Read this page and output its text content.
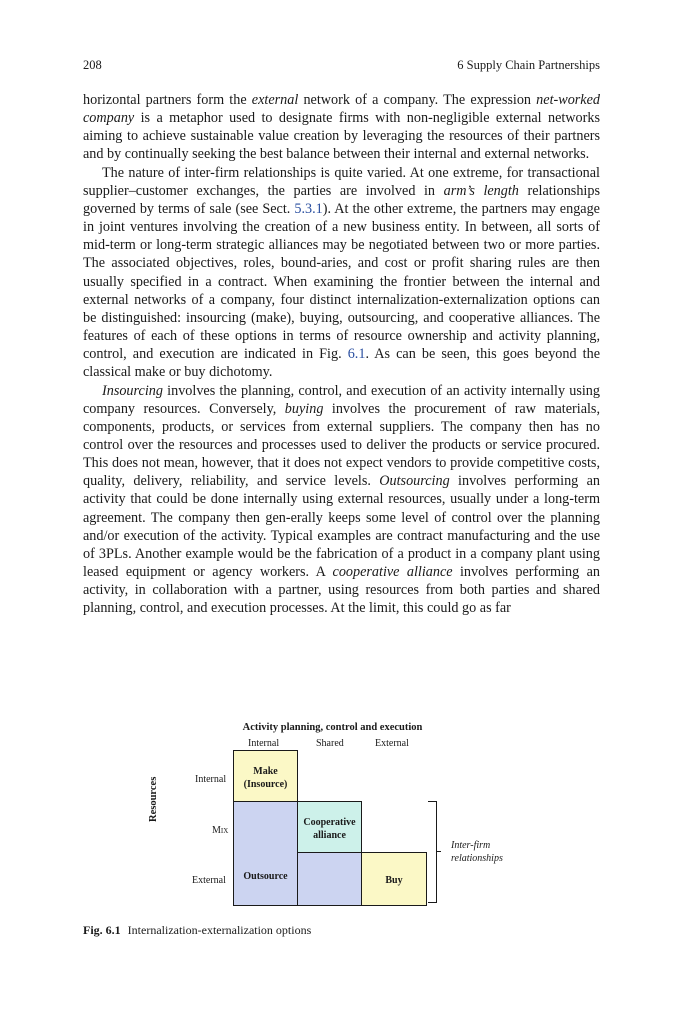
208	6 Supply Chain Partnerships

horizontal partners form the external network of a company. The expression net-worked company is a metaphor used to designate firms with non-negligible external networks aiming to achieve sustainable value creation by leveraging the resources of their partners and by continually seeking the best balance between their internal and external networks.

The nature of inter-firm relationships is quite varied. At one extreme, for transactional supplier–customer exchanges, the parties are involved in arm’s length relationships governed by terms of sale (see Sect. 5.3.1). At the other extreme, the partners may engage in joint ventures involving the creation of a new business entity. In between, all sorts of mid-term or long-term strategic alliances may be negotiated between two or more parties. The associated objectives, roles, bound-aries, and cost or profit sharing rules are then usually specified in a contract. When examining the frontier between the internal and external networks of a company, four distinct internalization-externalization options can be distinguished: insourcing (make), buying, outsourcing, and cooperative alliances. The features of each of these options in terms of resource ownership and activity planning, control, and execution are indicated in Fig. 6.1. As can be seen, this goes beyond the classical make or buy dichotomy.

Insourcing involves the planning, control, and execution of an activity internally using company resources. Conversely, buying involves the procurement of raw materials, components, products, or services from external suppliers. The company then has no control over the resources and processes used to deliver the products or service procured. This does not mean, however, that it does not expect vendors to provide competitive costs, quality, delivery, reliability, and service levels. Outsourcing involves performing an activity that could be done internally using external resources, usually under a long-term agreement. The company then gen-erally keeps some level of control over the planning and/or execution of the activity. Typical examples are contract manufacturing and the use of 3PLs. Another example would be the fabrication of a product in a company plant using leased equipment or agency workers. A cooperative alliance involves performing an activity, in collaboration with a partner, using resources from both parties and shared planning, control, and execution processes. At the limit, this could go as far

Activity planning, control and execution
Internal	Shared	External
Internal
Mix
External
Resources
Outsource
Make
(Insource)
Cooperative
alliance
Buy
Inter-firm
relationships
Fig. 6.1 Internalization-externalization options
